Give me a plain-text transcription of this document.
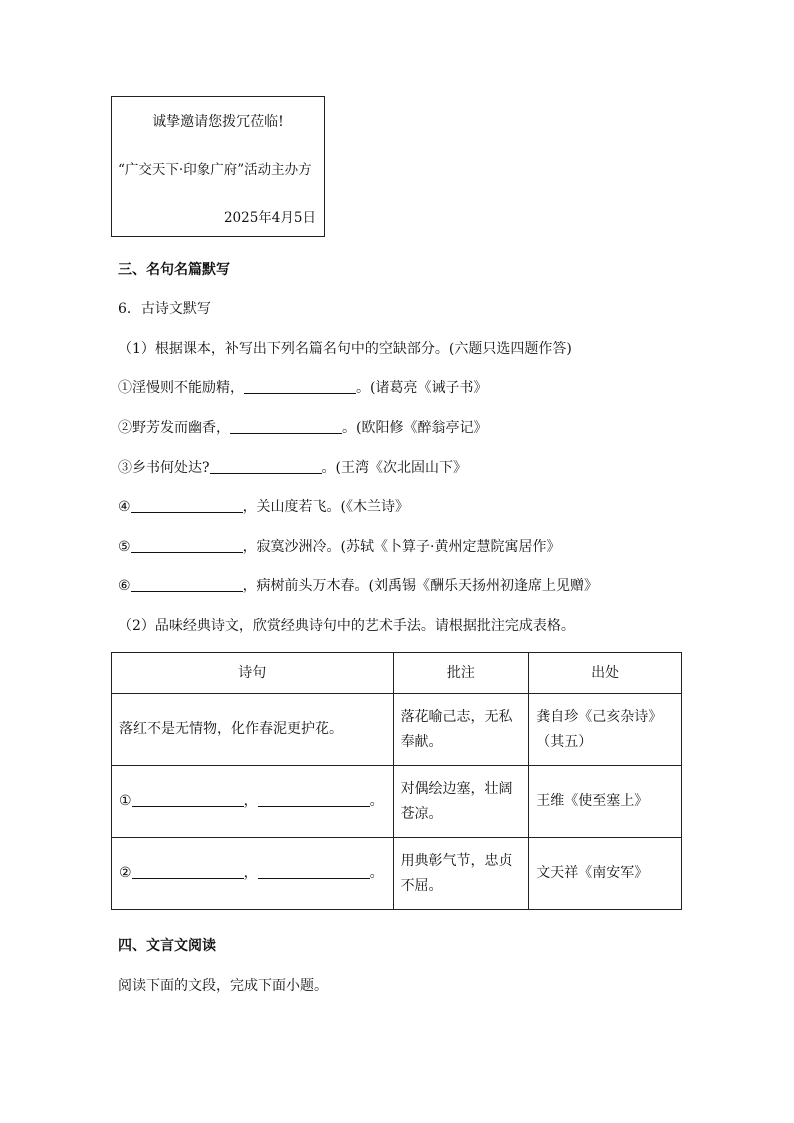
诚挚邀请您拨冗莅临!
“广交天下·印象广府”活动主办方
2025年4月5日
三、名句名篇默写
6．古诗文默写
（1）根据课本，补写出下列名篇名句中的空缺部分。(六题只选四题作答)
①淫慢则不能励精，	。(诸葛亮《诫子书》
②野芳发而幽香，	。(欧阳修《醉翁亭记》
③乡书何处达?	。(王湾《次北固山下》
④	，关山度若飞。(《木兰诗》
⑤	，寂寞沙洲冷。(苏轼《卜算子·黄州定慧院寓居作》
⑥	，病树前头万木春。(刘禹锡《酬乐天扬州初逢席上见赠》
（2）品味经典诗文，欣赏经典诗句中的艺术手法。请根据批注完成表格。
诗句	批注	出处
落红不是无情物，化作春泥更护花。	落花喻己志，无私奉献。	龚自珍《己亥杂诗》（其五）
① ， 。	对偶绘边塞，壮阔苍凉。	王维《使至塞上》
② ， 。	用典彰气节，忠贞不屈。	文天祥《南安军》
四、文言文阅读
阅读下面的文段，完成下面小题。
